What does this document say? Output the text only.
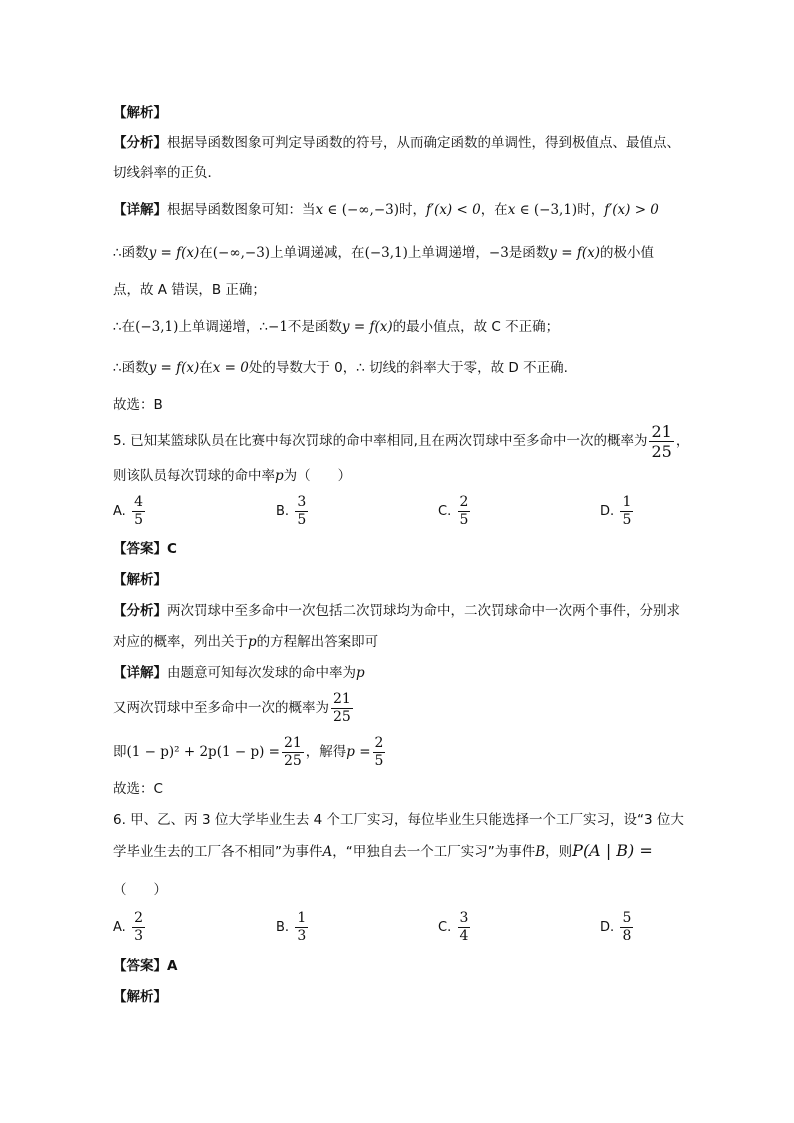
【解析】
【分析】根据导函数图象可判定导函数的符号，从而确定函数的单调性，得到极值点、最值点、
切线斜率的正负．
【详解】根据导函数图象可知：当x ∈ (−∞,−3)时，f′(x) < 0，在x ∈ (−3,1)时，f′(x) > 0
∴函数y = f(x)在(−∞,−3)上单调递减，在(−3,1)上单调递增，−3是函数y = f(x)的极小值
点，故 A 错误，B 正确；
∴在(−3,1)上单调递增，∴−1不是函数y = f(x)的最小值点，故 C 不正确；
∴函数y = f(x)在x = 0处的导数大于 0，∴ 切线的斜率大于零，故 D 不正确.
故选：B
5. 已知某篮球队员在比赛中每次罚球的命中率相同,且在两次罚球中至多命中一次的概率为 $\frac{21}{25}$ ，
则该队员每次罚球的命中率p为（　　）
A. $\frac{4}{5}$	B. $\frac{3}{5}$	C. $\frac{2}{5}$	D. $\frac{1}{5}$
【答案】C
【解析】
【分析】两次罚球中至多命中一次包括二次罚球均为命中，二次罚球命中一次两个事件，分别求
对应的概率，列出关于p的方程解出答案即可
【详解】由题意可知每次发球的命中率为p
又两次罚球中至多命中一次的概率为 $\frac{21}{25}$
即$(1 - p)^2 + 2p(1 - p) = \frac{21}{25}$ ，解得$p = \frac{2}{5}$
故选：C
6. 甲、乙、丙 3 位大学毕业生去 4 个工厂实习，每位毕业生只能选择一个工厂实习，设“3 位大
学毕业生去的工厂各不相同”为事件A，“甲独自去一个工厂实习”为事件B，则P(A | B) =
（　　）
A. $\frac{2}{3}$	B. $\frac{1}{3}$	C. $\frac{3}{4}$	D. $\frac{5}{8}$
【答案】A
【解析】
